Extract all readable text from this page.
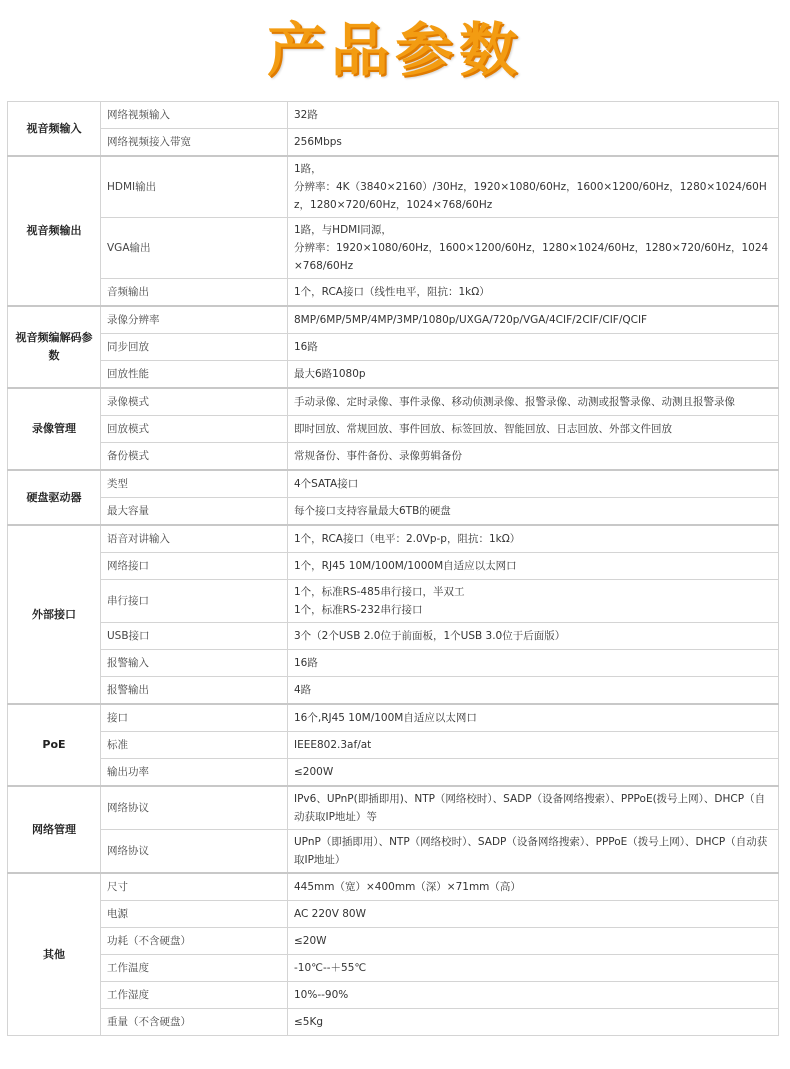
产品参数
视音频输入	网络视频输入	32路

	网络视频接入带宽	256Mbps

视音频输出	HDMI输出	1路，
分辨率：4K（3840×2160）/30Hz，1920×1080/60Hz，1600×1200/60Hz，1280×1024/60Hz，1280×720/60Hz，1024×768/60Hz

	VGA输出	1路，与HDMI同源，
分辨率：1920×1080/60Hz，1600×1200/60Hz，1280×1024/60Hz，1280×720/60Hz，1024×768/60Hz

	音频输出	1个，RCA接口（线性电平，阻抗：1kΩ）

视音频编解码参数	录像分辨率	8MP/6MP/5MP/4MP/3MP/1080p/UXGA/720p/VGA/4CIF/2CIF/CIF/QCIF

	同步回放	16路

	回放性能	最大6路1080p

录像管理	录像模式	手动录像、定时录像、事件录像、移动侦测录像、报警录像、动测或报警录像、动测且报警录像

	回放模式	即时回放、常规回放、事件回放、标签回放、智能回放、日志回放、外部文件回放

	备份模式	常规备份、事件备份、录像剪辑备份

硬盘驱动器	类型	4个SATA接口

	最大容量	每个接口支持容量最大6TB的硬盘

外部接口	语音对讲输入	1个，RCA接口（电平：2.0Vp-p，阻抗：1kΩ）

	网络接口	1个，RJ45 10M/100M/1000M自适应以太网口

	串行接口	1个，标准RS-485串行接口，半双工
1个，标准RS-232串行接口

	USB接口	3个（2个USB 2.0位于前面板，1个USB 3.0位于后面版）

	报警输入	16路

	报警输出	4路

PoE	接口	16个,RJ45 10M/100M自适应以太网口

	标准	IEEE802.3af/at

	输出功率	≤200W

网络管理	网络协议	IPv6、UPnP(即插即用)、NTP（网络校时）、SADP（设备网络搜索）、PPPoE(拨号上网）、DHCP（自动获取IP地址）等

	网络协议	UPnP（即插即用）、NTP（网络校时）、SADP（设备网络搜索）、PPPoE（拨号上网）、DHCP（自动获取IP地址）

其他	尺寸	445mm（宽）×400mm（深）×71mm（高）

	电源	AC 220V 80W

	功耗（不含硬盘）	≤20W

	工作温度	-10℃--＋55℃

	工作湿度	10%--90%

	重量（不含硬盘）	≤5Kg
